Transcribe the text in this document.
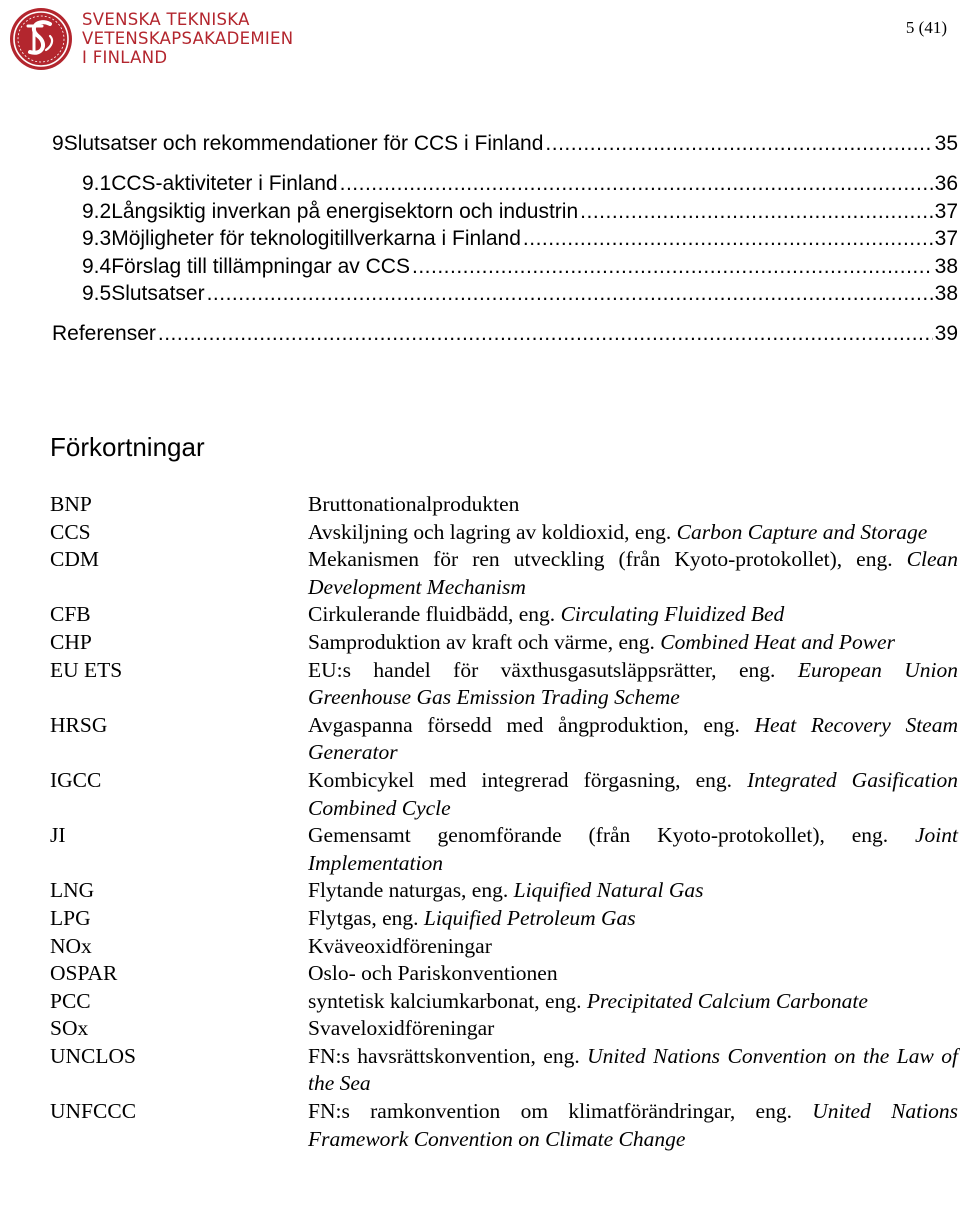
SVENSKA TEKNISKA
VETENSKAPSAKADEMIEN
I FINLAND
5 (41)
9 Slutsatser och rekommendationer för CCS i Finland .....	35
9.1 CCS-aktiviteter i Finland .....	36
9.2 Långsiktig inverkan på energisektorn och industrin .....	37
9.3 Möjligheter för teknologitillverkarna i Finland .....	37
9.4 Förslag till tillämpningar av CCS .....	38
9.5 Slutsatser .....	38
Referenser .....	39
Förkortningar
BNP	Bruttonationalprodukten
CCS	Avskiljning och lagring av koldioxid, eng. Carbon Capture and Storage
CDM	Mekanismen för ren utveckling (från Kyoto-protokollet), eng. Clean Development Mechanism
CFB	Cirkulerande fluidbädd, eng. Circulating Fluidized Bed
CHP	Samproduktion av kraft och värme, eng. Combined Heat and Power
EU ETS	EU:s handel för växthusgasutsläppsrätter, eng. European Union Greenhouse Gas Emission Trading Scheme
HRSG	Avgaspanna försedd med ångproduktion, eng. Heat Recovery Steam Generator
IGCC	Kombicykel med integrerad förgasning, eng. Integrated Gasification Combined Cycle
JI	Gemensamt genomförande (från Kyoto-protokollet), eng. Joint Implementation
LNG	Flytande naturgas, eng. Liquified Natural Gas
LPG	Flytgas, eng. Liquified Petroleum Gas
NOx	Kväveoxidföreningar
OSPAR	Oslo- och Pariskonventionen
PCC	syntetisk kalciumkarbonat, eng. Precipitated Calcium Carbonate
SOx	Svaveloxidföreningar
UNCLOS	FN:s havsrättskonvention, eng. United Nations Convention on the Law of the Sea
UNFCCC	FN:s ramkonvention om klimatförändringar, eng. United Nations Framework Convention on Climate Change
